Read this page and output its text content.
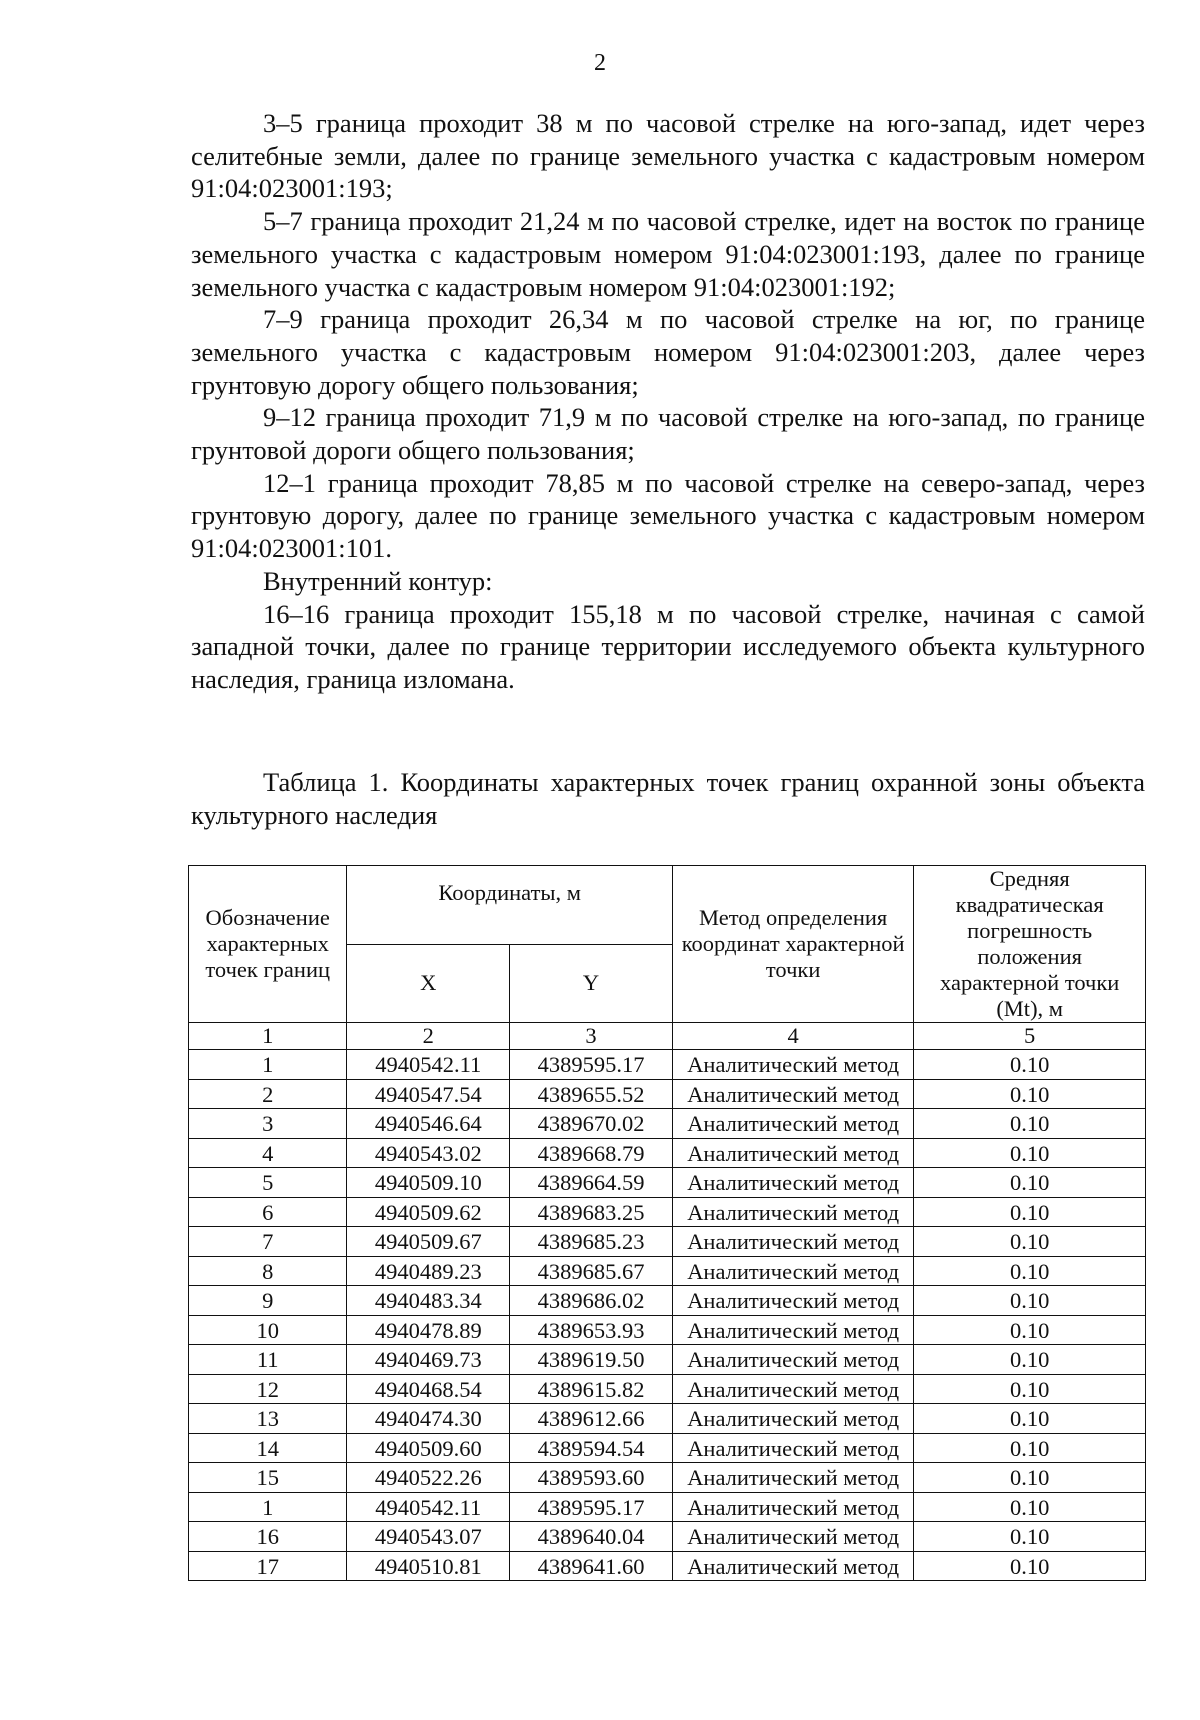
2

3–5 граница проходит 38 м по часовой стрелке на юго-запад, идет через селитебные земли, далее по границе земельного участка с кадастровым номером 91:04:023001:193;

5–7 граница проходит 21,24 м по часовой стрелке, идет на восток по границе земельного участка с кадастровым номером 91:04:023001:193, далее по границе земельного участка с кадастровым номером 91:04:023001:192;

7–9 граница проходит 26,34 м по часовой стрелке на юг, по границе земельного участка с кадастровым номером 91:04:023001:203, далее через грунтовую дорогу общего пользования;

9–12 граница проходит 71,9 м по часовой стрелке на юго-запад, по границе грунтовой дороги общего пользования;

12–1 граница проходит 78,85 м по часовой стрелке на северо-запад, через грунтовую дорогу, далее по границе земельного участка с кадастровым номером 91:04:023001:101.

Внутренний контур:

16–16 граница проходит 155,18 м по часовой стрелке, начиная с самой западной точки, далее по границе территории исследуемого объекта культурного наследия, граница изломана.

Таблица 1. Координаты характерных точек границ охранной зоны объекта культурного наследия
Обозначение характерных точек границ	Координаты, м		Метод определения координат характерной точки	Средняя квадратическая погрешность положения характерной точки (Mt), м
	X	Y		
1	2	3	4	5
1	4940542.11	4389595.17	Аналитический метод	0.10
2	4940547.54	4389655.52	Аналитический метод	0.10
3	4940546.64	4389670.02	Аналитический метод	0.10
4	4940543.02	4389668.79	Аналитический метод	0.10
5	4940509.10	4389664.59	Аналитический метод	0.10
6	4940509.62	4389683.25	Аналитический метод	0.10
7	4940509.67	4389685.23	Аналитический метод	0.10
8	4940489.23	4389685.67	Аналитический метод	0.10
9	4940483.34	4389686.02	Аналитический метод	0.10
10	4940478.89	4389653.93	Аналитический метод	0.10
11	4940469.73	4389619.50	Аналитический метод	0.10
12	4940468.54	4389615.82	Аналитический метод	0.10
13	4940474.30	4389612.66	Аналитический метод	0.10
14	4940509.60	4389594.54	Аналитический метод	0.10
15	4940522.26	4389593.60	Аналитический метод	0.10
1	4940542.11	4389595.17	Аналитический метод	0.10
16	4940543.07	4389640.04	Аналитический метод	0.10
17	4940510.81	4389641.60	Аналитический метод	0.10
